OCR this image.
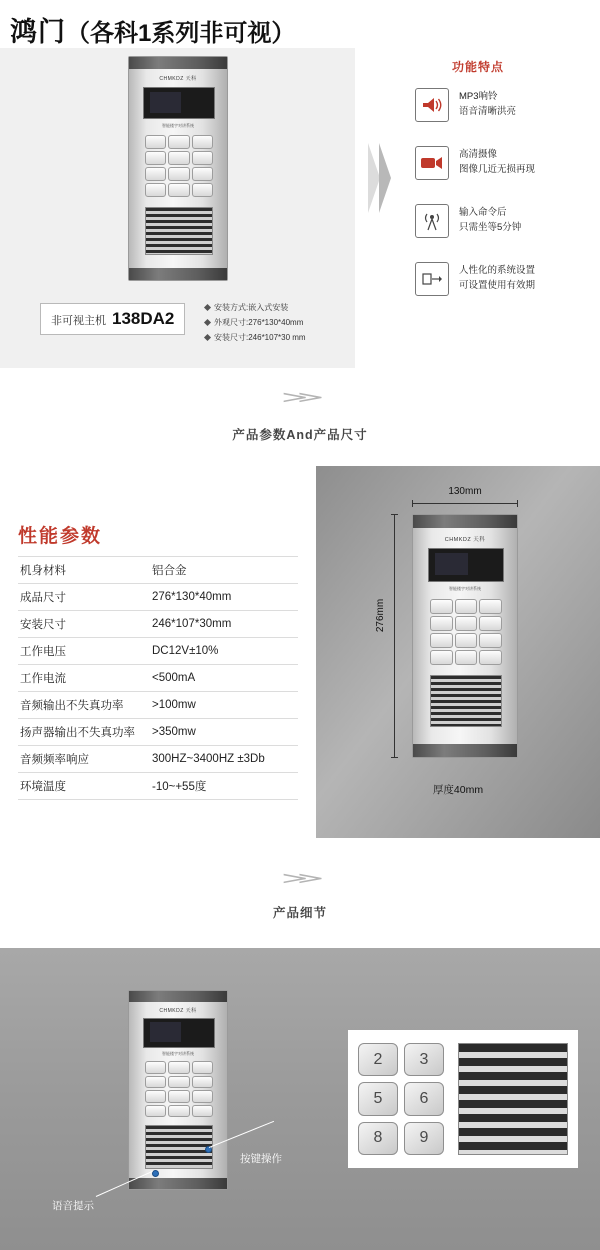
鸿门 （各科1系列非可视）
CHMKDZ 天科
智能楼宇对讲系统
非可视主机 138DA2
安装方式:嵌入式安装
外观尺寸:276*130*40mm
安装尺寸:246*107*30 mm
功能特点
MP3响铃
语音清晰洪亮
高清摄像
图像几近无损再现
输入命令后
只需坐等5分钟
人性化的系统设置
可设置使用有效期
≫
产品参数And产品尺寸
性能参数
机身材料	铝合金
成品尺寸	276*130*40mm
安装尺寸	246*107*30mm
工作电压	DC12V±10%
工作电流	<500mA
音频输出不失真功率	>100mw
扬声器输出不失真功率	>350mw
音频频率响应	300HZ~3400HZ ±3Db
环境温度	-10~+55度
130mm
276mm
CHMKDZ 天科
智能楼宇对讲系统
厚度40mm
≫
产品细节
CHMKDZ 天科
智能楼宇对讲系统
按键操作
语音提示
2	3
5	6
8	9
